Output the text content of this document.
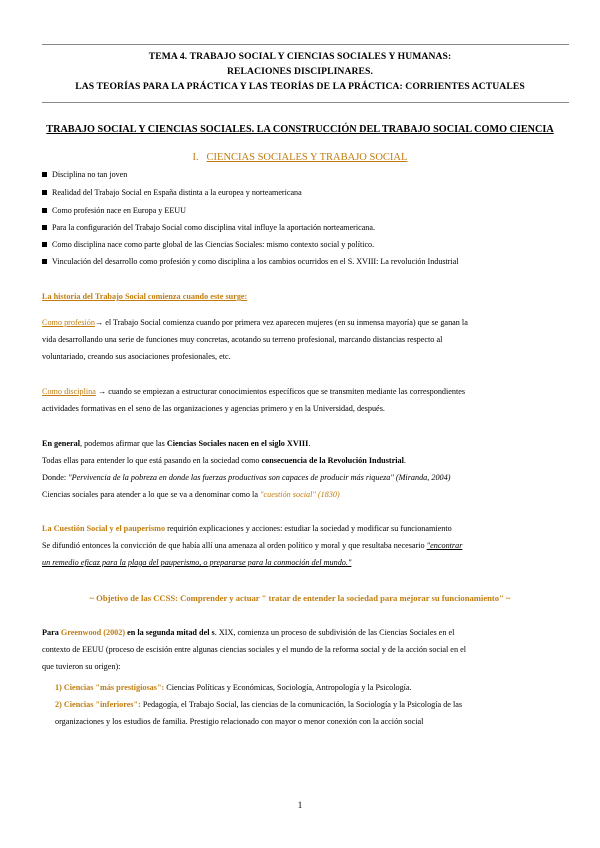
TEMA 4. TRABAJO SOCIAL Y CIENCIAS SOCIALES Y HUMANAS:
RELACIONES DISCIPLINARES.
LAS TEORÍAS PARA LA PRÁCTICA Y LAS TEORÍAS DE LA PRÁCTICA: CORRIENTES ACTUALES
TRABAJO SOCIAL Y CIENCIAS SOCIALES. LA CONSTRUCCIÓN DEL TRABAJO SOCIAL COMO CIENCIA
I. CIENCIAS SOCIALES Y TRABAJO SOCIAL
Disciplina no tan joven
Realidad del Trabajo Social en España distinta a la europea y norteamericana
Como profesión nace en Europa y EEUU
Para la configuración del Trabajo Social como disciplina vital influye la aportación norteamericana.
Como disciplina nace como parte global de las Ciencias Sociales: mismo contexto social y político.
Vinculación del desarrollo como profesión y como disciplina a los cambios ocurridos en el S. XVIII: La revolución Industrial
La historia del Trabajo Social comienza cuando este surge:
Como profesión→ el Trabajo Social comienza cuando por primera vez aparecen mujeres (en su inmensa mayoría) que se ganan la
vida desarrollando una serie de funciones muy concretas, acotando su terreno profesional, marcando distancias respecto al
voluntariado, creando sus asociaciones profesionales, etc.
Como disciplina → cuando se empiezan a estructurar conocimientos específicos que se transmiten mediante las correspondientes
actividades formativas en el seno de las organizaciones y agencias primero y en la Universidad, después.
En general, podemos afirmar que las Ciencias Sociales nacen en el siglo XVIII.
Todas ellas para entender lo que está pasando en la sociedad como consecuencia de la Revolución Industrial.
Donde: "Pervivencia de la pobreza en donde las fuerzas productivas son capaces de producir más riqueza" (Miranda, 2004)
Ciencias sociales para atender a lo que se va a denominar como la "cuestión social" (1830)
La Cuestión Social y el pauperismo requirión explicaciones y acciones: estudiar la sociedad y modificar su funcionamiento
Se difundió entonces la convicción de que había allí una amenaza al orden político y moral y que resultaba necesario "encontrar
un remedio eficaz para la plaga del pauperismo, o prepararse para la conmoción del mundo."
~ Objetivo de las CCSS: Comprender y actuar " tratar de entender la sociedad para mejorar su funcionamiento" ~
Para Greenwood (2002) en la segunda mitad del s. XIX, comienza un proceso de subdivisión de las Ciencias Sociales en el
contexto de EEUU (proceso de escisión entre algunas ciencias sociales y el mundo de la reforma social y de la acción social en el
que tuvieron su origen):
1) Ciencias "más prestigiosas": Ciencias Políticas y Económicas, Sociología, Antropología y la Psicología.
2) Ciencias "inferiores": Pedagogía, el Trabajo Social, las ciencias de la comunicación, la Sociología y la Psicología de las
organizaciones y los estudios de familia. Prestigio relacionado con mayor o menor conexión con la acción social
1
